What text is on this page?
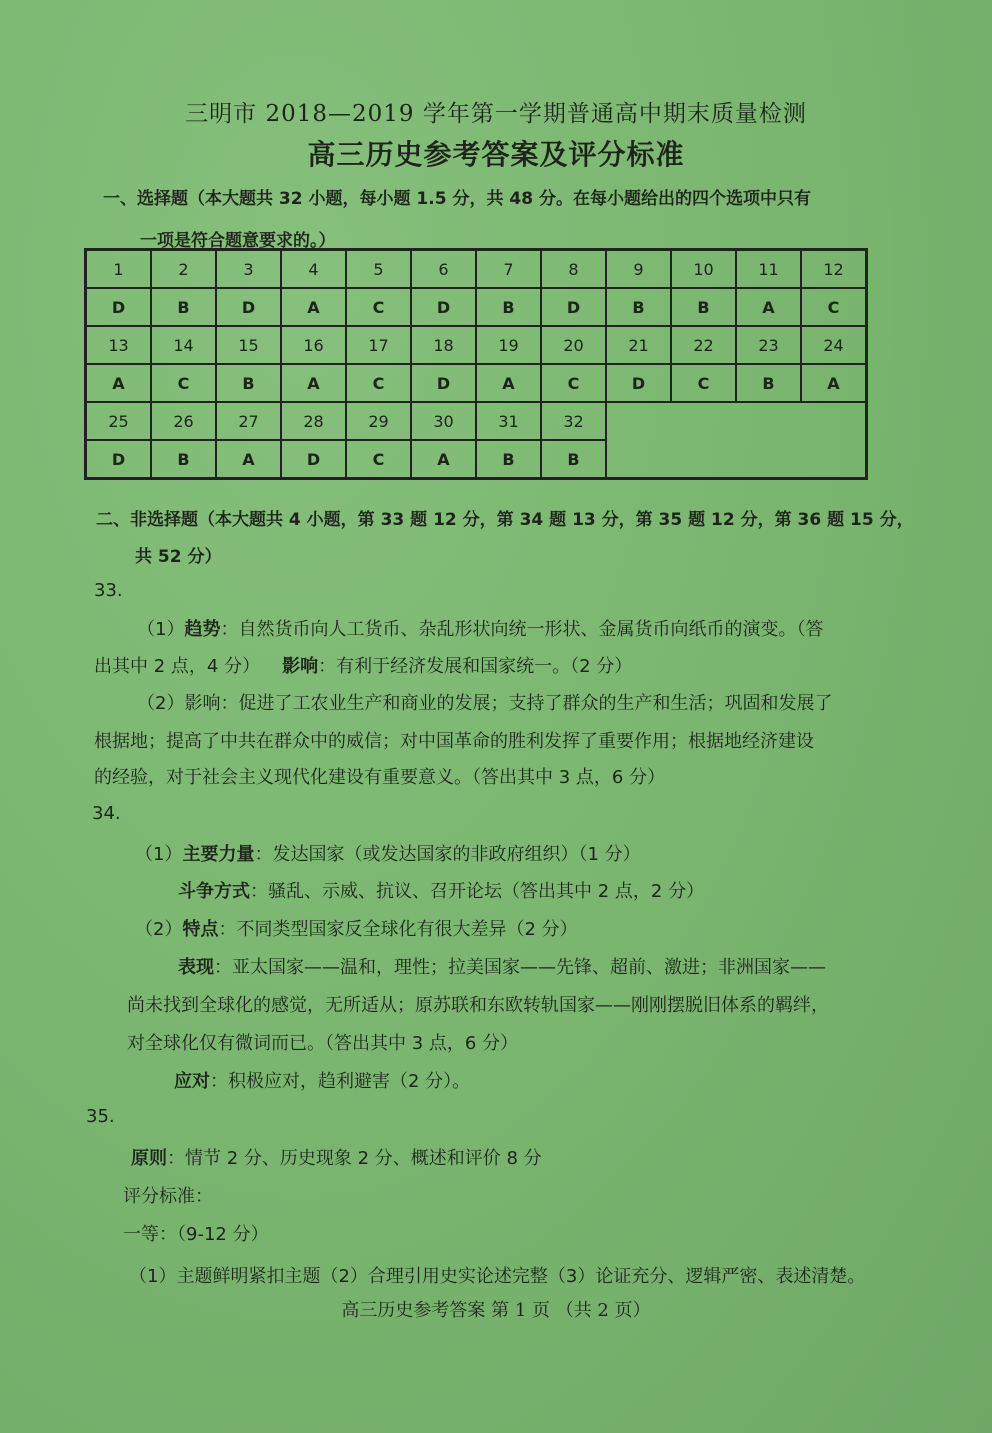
三明市 2018—2019 学年第一学期普通高中期末质量检测
高三历史参考答案及评分标准
一、选择题（本大题共 32 小题，每小题 1.5 分，共 48 分。在每小题给出的四个选项中只有
一项是符合题意要求的。）
1	2	3	4	5	6	7	8	9	10	11	12
D	B	D	A	C	D	B	D	B	B	A	C
13	14	15	16	17	18	19	20	21	22	23	24
A	C	B	A	C	D	A	C	D	C	B	A
25	26	27	28	29	30	31	32				
D	B	A	D	C	A	B	B				
二、非选择题（本大题共 4 小题，第 33 题 12 分，第 34 题 13 分，第 35 题 12 分，第 36 题 15 分，
共 52 分）
33.
（1）趋势：自然货币向人工货币、杂乱形状向统一形状、金属货币向纸币的演变。（答
出其中 2 点，4 分） 影响：有利于经济发展和国家统一。（2 分）
（2）影响：促进了工农业生产和商业的发展；支持了群众的生产和生活；巩固和发展了
根据地；提高了中共在群众中的威信；对中国革命的胜利发挥了重要作用；根据地经济建设
的经验，对于社会主义现代化建设有重要意义。（答出其中 3 点，6 分）
34.
（1）主要力量：发达国家（或发达国家的非政府组织）（1 分）
斗争方式：骚乱、示威、抗议、召开论坛（答出其中 2 点，2 分）
（2）特点：不同类型国家反全球化有很大差异（2 分）
表现：亚太国家——温和，理性；拉美国家——先锋、超前、激进；非洲国家——
尚未找到全球化的感觉，无所适从；原苏联和东欧转轨国家——刚刚摆脱旧体系的羁绊，
对全球化仅有微词而已。（答出其中 3 点，6 分）
应对：积极应对，趋利避害（2 分）。
35.
原则：情节 2 分、历史现象 2 分、概述和评价 8 分
评分标准：
一等：（9-12 分）
（1）主题鲜明紧扣主题（2）合理引用史实论述完整（3）论证充分、逻辑严密、表述清楚。
高三历史参考答案 第 1 页 （共 2 页）
